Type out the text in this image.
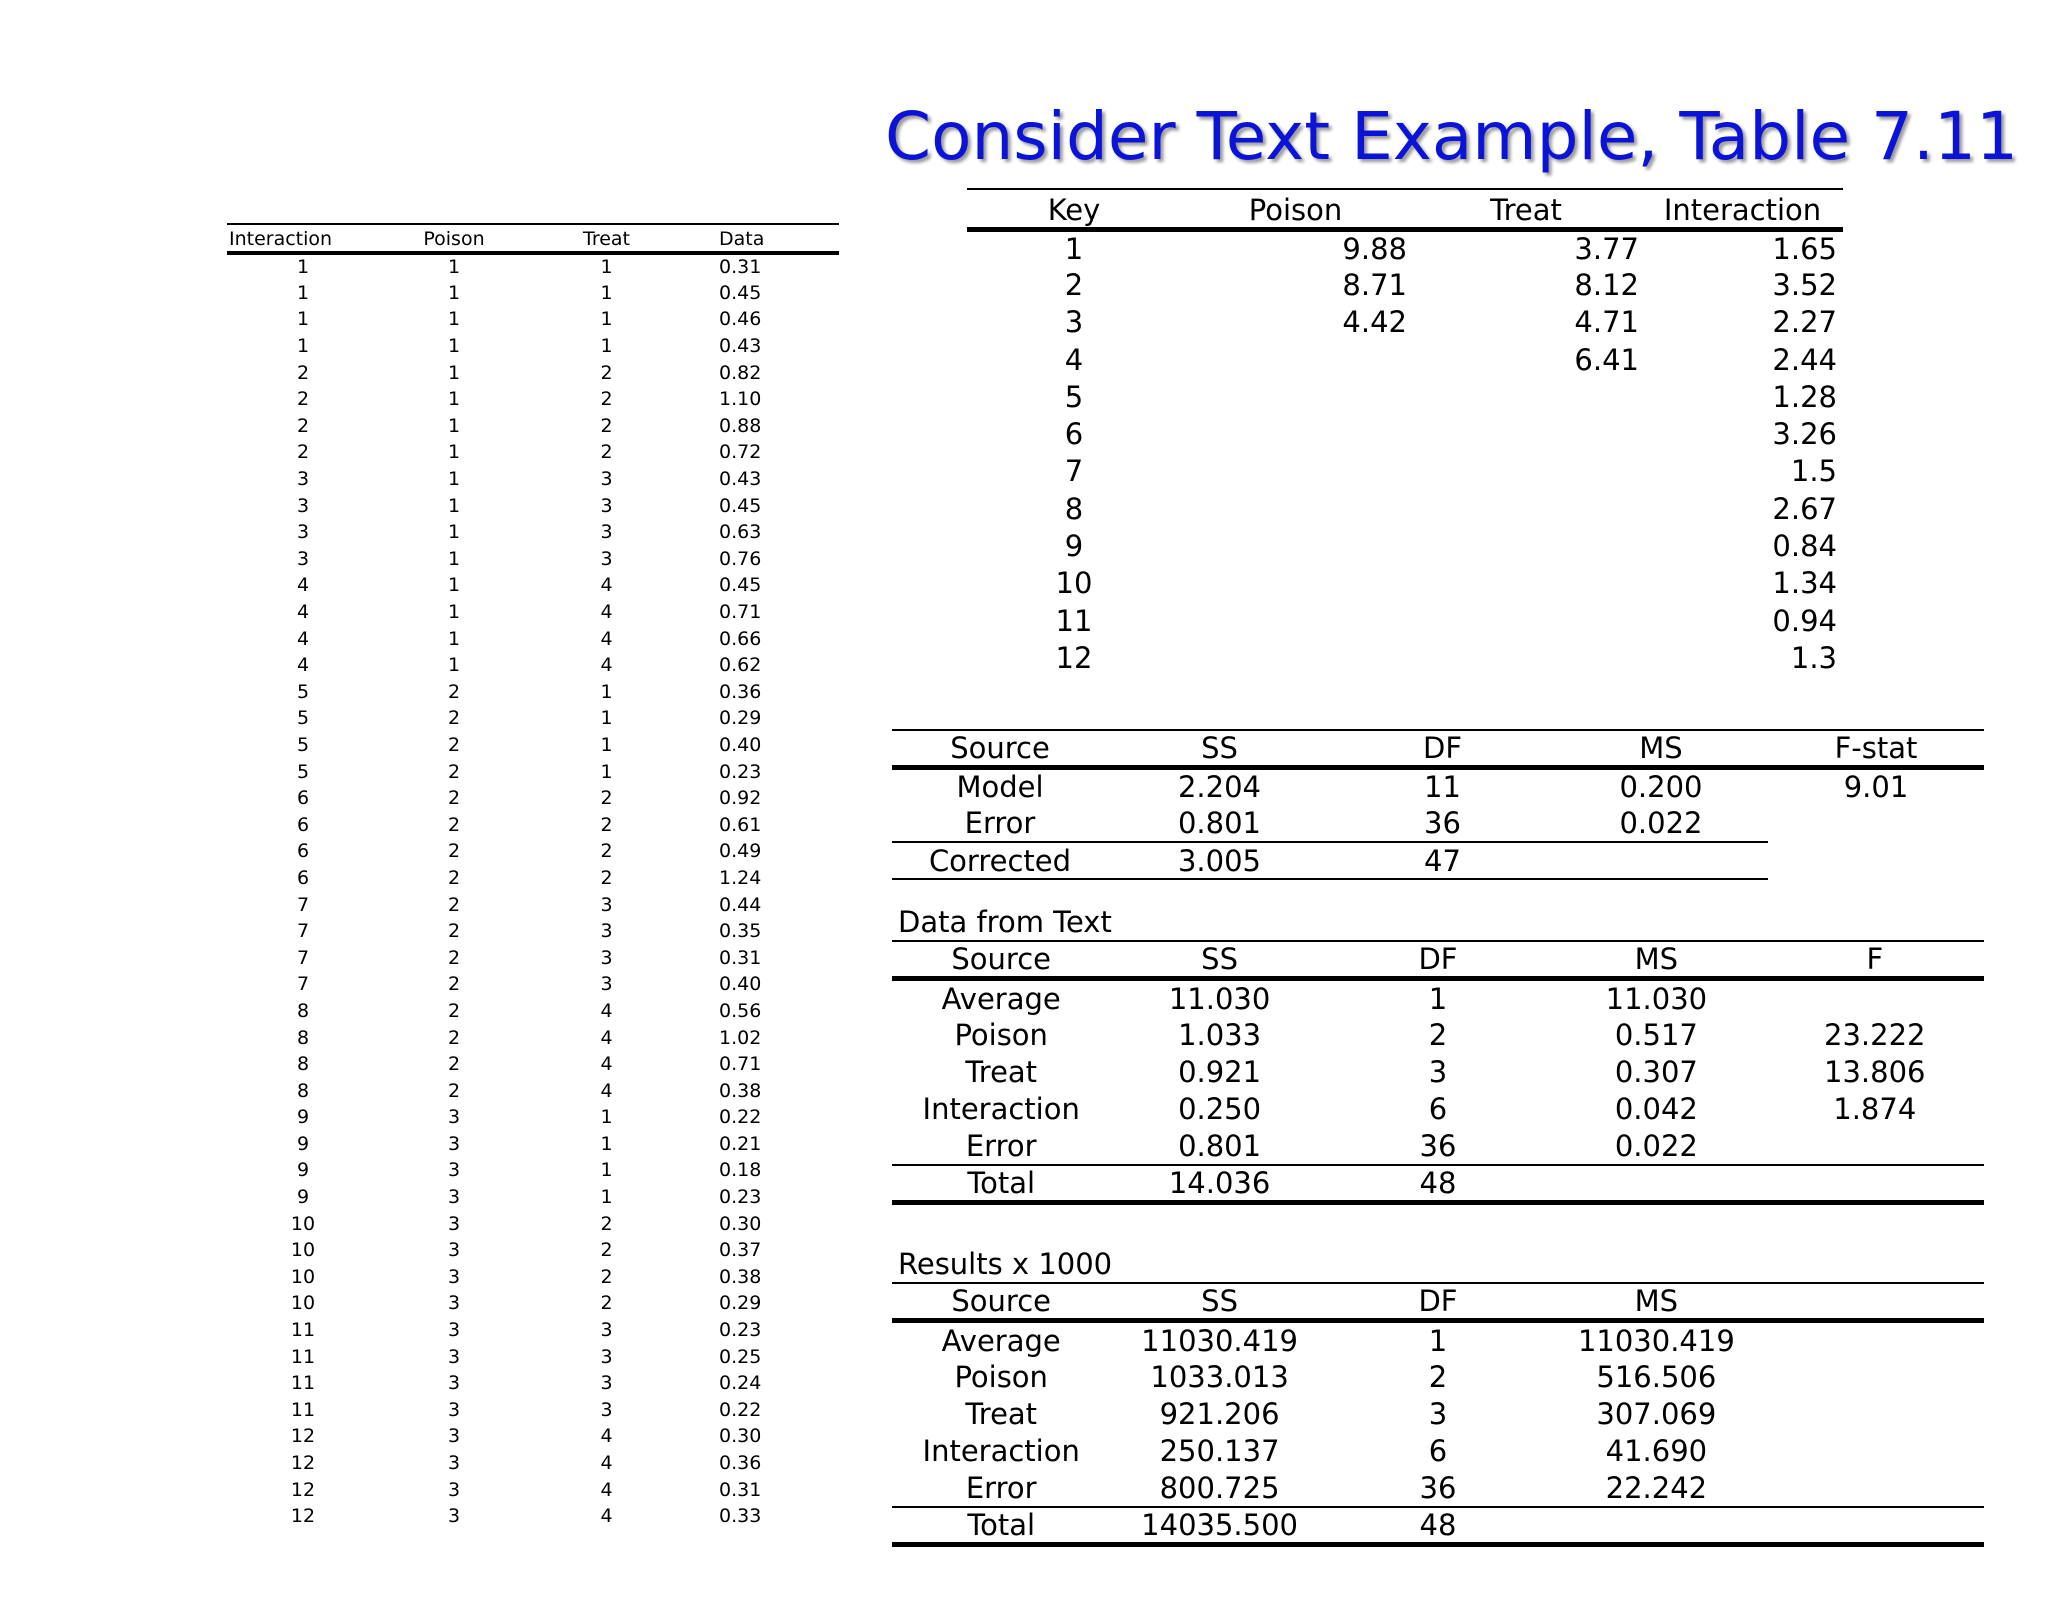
Consider Text Example, Table 7.11
Interaction	Poison	Treat	Data
1	1	1	0.31
1	1	1	0.45
1	1	1	0.46
1	1	1	0.43
2	1	2	0.82
2	1	2	1.10
2	1	2	0.88
2	1	2	0.72
3	1	3	0.43
3	1	3	0.45
3	1	3	0.63
3	1	3	0.76
4	1	4	0.45
4	1	4	0.71
4	1	4	0.66
4	1	4	0.62
5	2	1	0.36
5	2	1	0.29
5	2	1	0.40
5	2	1	0.23
6	2	2	0.92
6	2	2	0.61
6	2	2	0.49
6	2	2	1.24
7	2	3	0.44
7	2	3	0.35
7	2	3	0.31
7	2	3	0.40
8	2	4	0.56
8	2	4	1.02
8	2	4	0.71
8	2	4	0.38
9	3	1	0.22
9	3	1	0.21
9	3	1	0.18
9	3	1	0.23
10	3	2	0.30
10	3	2	0.37
10	3	2	0.38
10	3	2	0.29
11	3	3	0.23
11	3	3	0.25
11	3	3	0.24
11	3	3	0.22
12	3	4	0.30
12	3	4	0.36
12	3	4	0.31
12	3	4	0.33
Key	Poison	Treat	Interaction
1	9.88	3.77	1.65
2	8.71	8.12	3.52
3	4.42	4.71	2.27
4		6.41	2.44
5			1.28
6			3.26
7			1.5
8			2.67
9			0.84
10			1.34
11			0.94
12			1.3
Source	SS	DF	MS	F-stat
Model	2.204	11	0.200	9.01
Error	0.801	36	0.022	
Corrected	3.005	47		
Data from Text				
Source	SS	DF	MS	F
Average	11.030	1	11.030	
Poison	1.033	2	0.517	23.222
Treat	0.921	3	0.307	13.806
Interaction	0.250	6	0.042	1.874
Error	0.801	36	0.022	
Total	14.036	48		
Results x 1000				
Source	SS	DF	MS	
Average	11030.419	1	11030.419	
Poison	1033.013	2	516.506	
Treat	921.206	3	307.069	
Interaction	250.137	6	41.690	
Error	800.725	36	22.242	
Total	14035.500	48		
